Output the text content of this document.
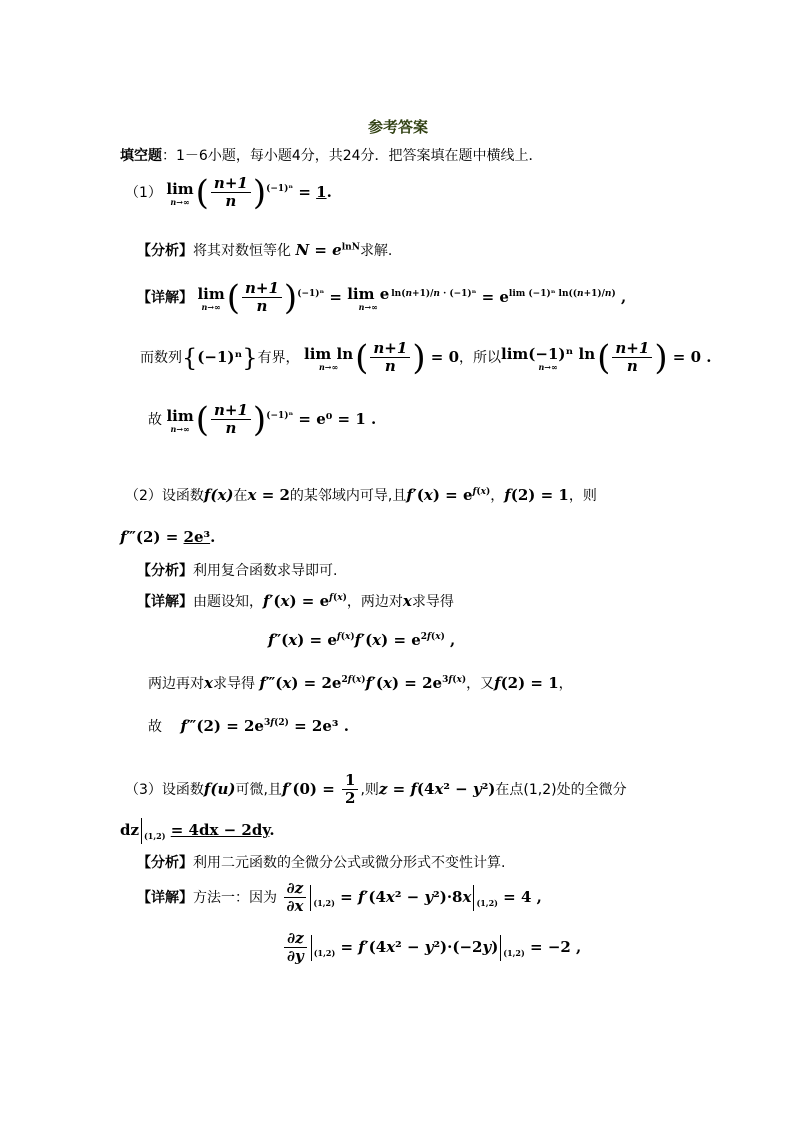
参考答案
填空题：1－6小题，每小题4分，共24分．把答案填在题中横线上．
（1） lim
n→∞ ( $\frac{n+1}{n} )^{(-1)^n} = 1$.
【分析】将其对数恒等化 $N = e^{lnN}$求解.
【详解】 lim
n→∞ ( $\frac{n+1}{n} )^{(-1)^n} = \lim e$
n→∞
$^{ln(n+1)/n \cdot (-1)^n} = e^{lim (-1)^n ln((n+1)/n)}$ ,
而数列{(−1)ⁿ}有界， lim ln
n→∞ ( $\frac{n+1}{n}$ ) = 0，所以 lim(−1)ⁿ ln
n→∞ ( $\frac{n+1}{n}$ ) = 0 .
故 lim
n→∞ ( $\frac{n+1}{n} )^{(-1)^n} = e^0 = 1$ .
（2）设函数f(x)在x = 2的某邻域内可导,且$f'(x) = e^{f(x)}$，f(2) = 1，则
f‴(2) = 2e³.
【分析】利用复合函数求导即可.
【详解】由题设知，$f'(x) = e^{f(x)}$，两边对x求导得
$f''(x) = e^{f(x)}f'(x) = e^{2f(x)}$ ,
两边再对x求导得 f‴(x) = $2e^{2f(x)}f'(x) = 2e^{3f(x)}$，又f(2) = 1，
故 f‴(2) = $2e^{3f(2)} = 2e^3$ .
（3）设函数f(u)可微,且$f'(0) = \frac{1}{2}$ ,则z = f(4x² − y²)在点(1,2)处的全微分
dz $_{(1,2)}$ = 4dx − 2dy.
【分析】利用二元函数的全微分公式或微分形式不变性计算.
【详解】方法一：因为 $\frac{\partial z}{\partial x} _{(1,2)} = f'(4x^2 - y^2)\cdot 8x$ $_{(1,2)}$ = 4 ,
$\frac{\partial z}{\partial y} _{(1,2)} = f'(4x^2 - y^2)\cdot(-2y) _{(1,2)} = -2$ ,
